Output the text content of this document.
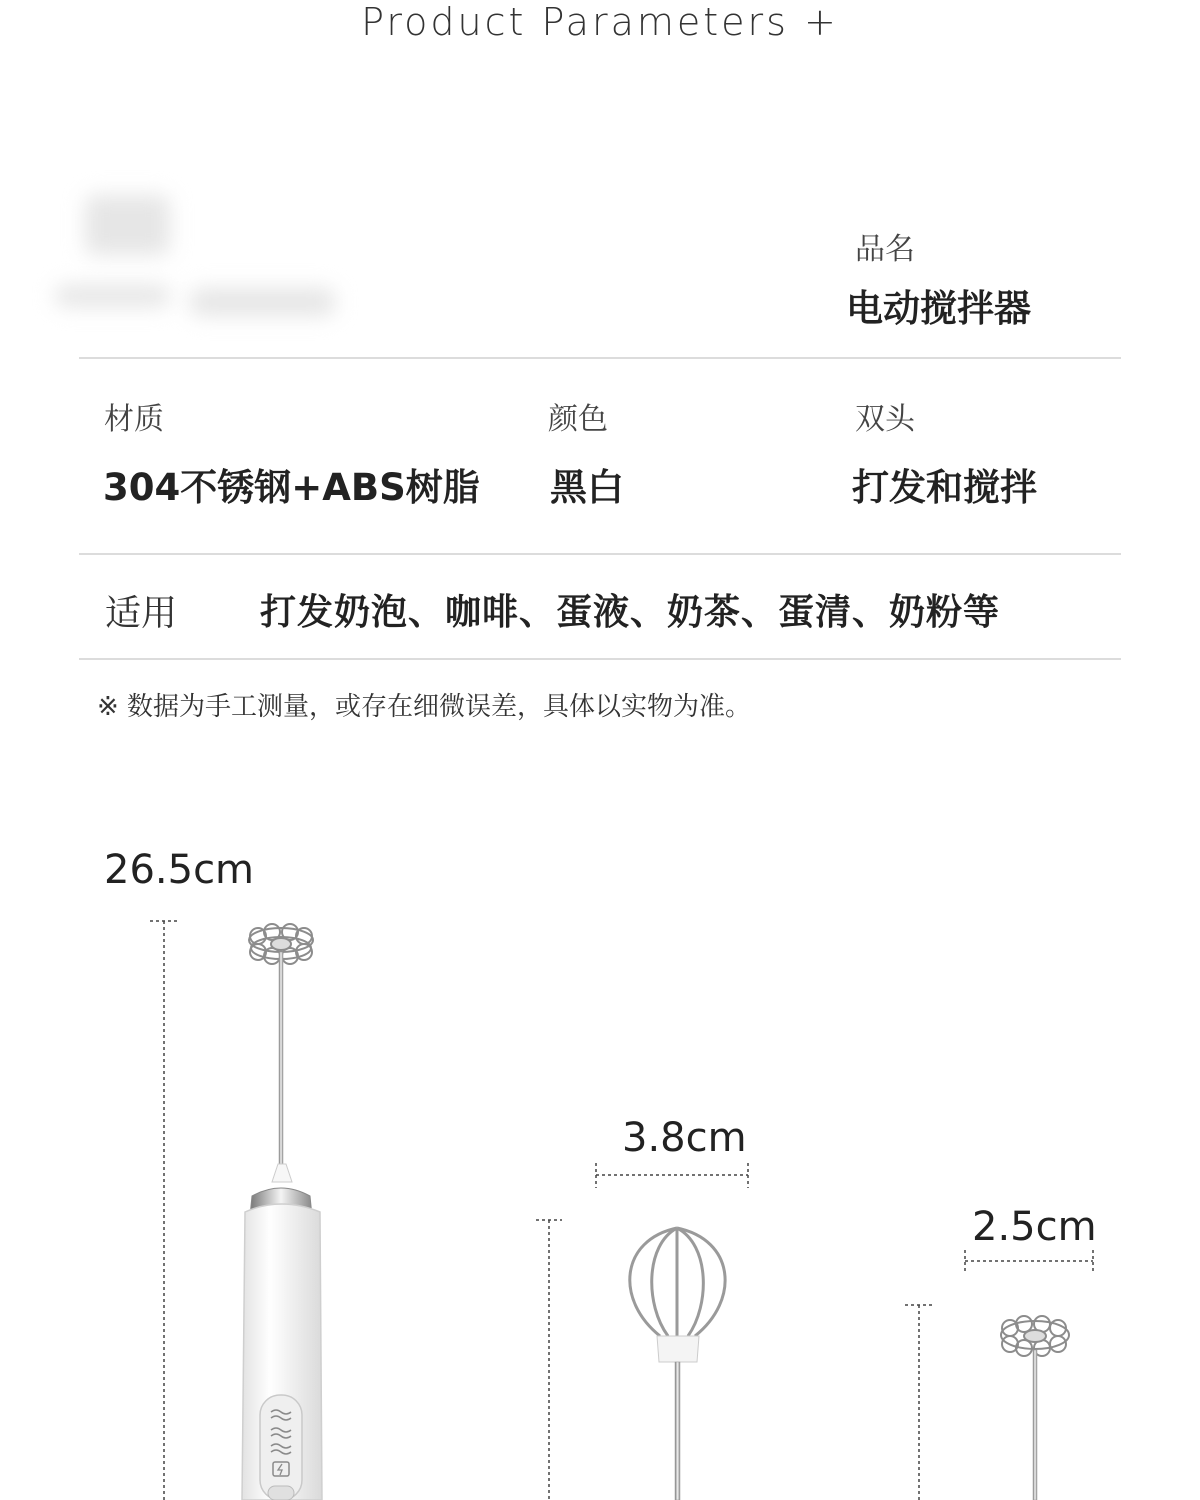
Product Parameters +
品名
电动搅拌器
材质
304不锈钢+ABS树脂
颜色
黑白
双头
打发和搅拌
适用 打发奶泡、咖啡、蛋液、奶茶、蛋清、奶粉等
※ 数据为手工测量，或存在细微误差，具体以实物为准。
26.5cm
3.8cm
2.5cm
